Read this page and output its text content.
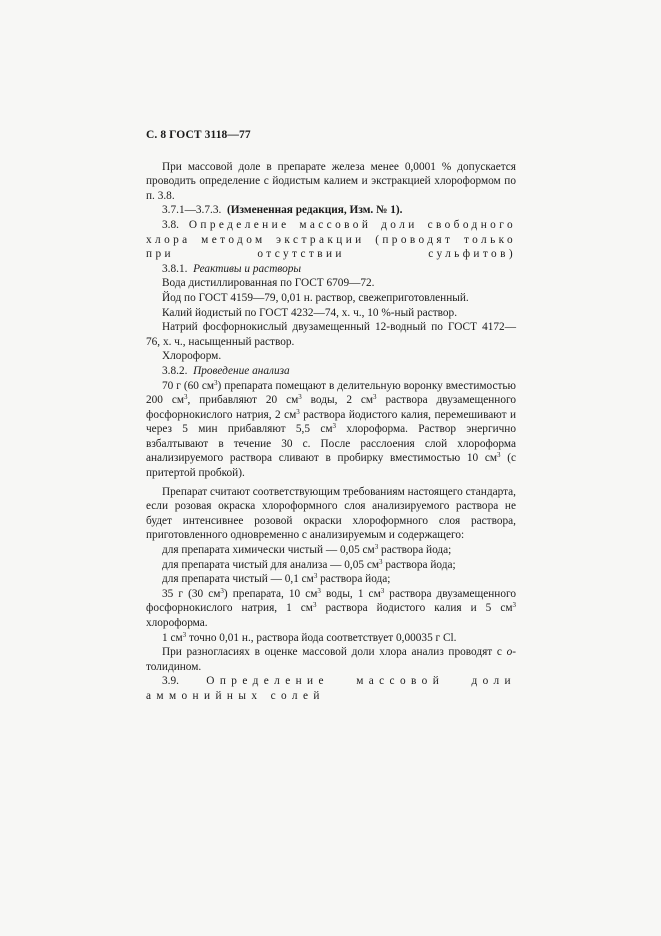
С. 8 ГОСТ 3118—77

При массовой доле в препарате железа менее 0,0001 % допускается проводить определение с йодистым калием и экстракцией хлороформом по п. 3.8.

3.7.1—3.7.3. (Измененная редакция, Изм. № 1).

3.8. Определение массовой доли свободного хлора методом экстракции (проводят только при отсутствии сульфитов)

3.8.1. Реактивы и растворы

Вода дистиллированная по ГОСТ 6709—72.

Йод по ГОСТ 4159—79, 0,01 н. раствор, свежеприготовленный.

Калий йодистый по ГОСТ 4232—74, х. ч., 10 %-ный раствор.

Натрий фосфорнокислый двузамещенный 12-водный по ГОСТ 4172—76, х. ч., насыщенный раствор.

Хлороформ.

3.8.2. Проведение анализа

70 г (60 $см^3$) препарата помещают в делительную воронку вместимостью 200 $см^3$, прибавляют 20 $см^3$ воды, 2 $см^3$ раствора двузамещенного фосфорнокислого натрия, 2 $см^3$ раствора йодистого калия, перемешивают и через 5 мин прибавляют 5,5 $см^3$ хлороформа. Раствор энергично взбалтывают в течение 30 с. После расслоения слой хлороформа анализируемого раствора сливают в пробирку вместимостью 10 $см^3$ (с притертой пробкой).

Препарат считают соответствующим требованиям настоящего стандарта, если розовая окраска хлороформного слоя анализируемого раствора не будет интенсивнее розовой окраски хлороформного слоя раствора, приготовленного одновременно с анализируемым и содержащего:

для препарата химически чистый — 0,05 $см^3$ раствора йода;

для препарата чистый для анализа — 0,05 $см^3$ раствора йода;

для препарата чистый — 0,1 $см^3$ раствора йода;

35 г (30 $см^3$) препарата, 10 $см^3$ воды, 1 $см^3$ раствора двузамещенного фосфорнокислого натрия, 1 $см^3$ раствора йодистого калия и 5 $см^3$ хлороформа.

1 $см^3$ точно 0,01 н., раствора йода соответствует 0,00035 г Cl.

При разногласиях в оценке массовой доли хлора анализ проводят с о-толидином.

3.9. Определение массовой доли аммонийных солей
